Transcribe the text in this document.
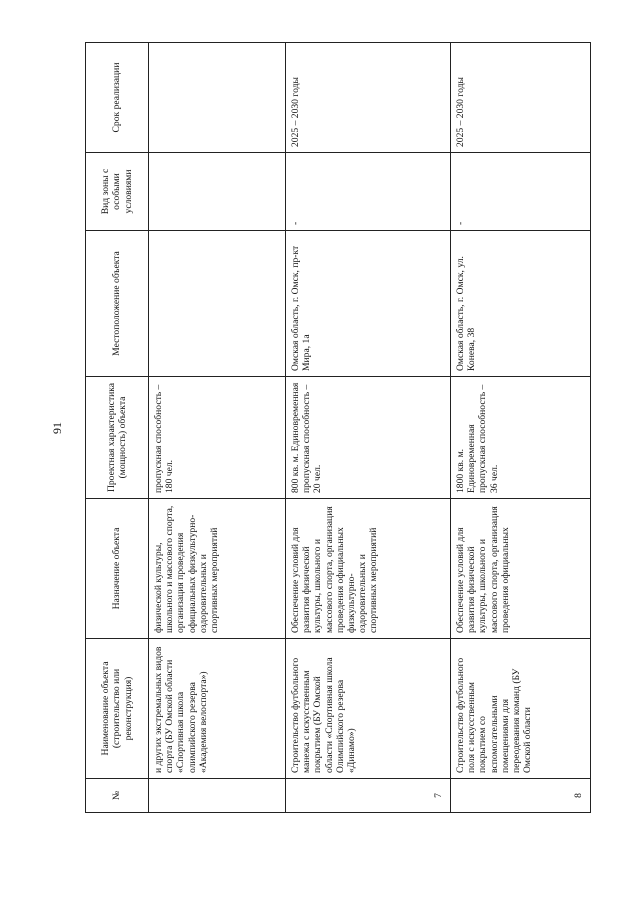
91
№	Наименование объекта (строительство или реконструкция)	Назначение объекта	Проектная характеристика (мощность) объекта	Местоположение объекта	Вид зоны с особыми условиями	Срок реализации
	и других экстремальных видов спорта (БУ Омской области «Спортивная школа олимпийского резерва «Академия велоспорта»)	физической культуры, школьного и массового спорта, организация проведения официальных физкультурно-оздоровительных и спортивных мероприятий	пропускная способность – 180 чел.			
7	Строительство футбольного манежа с искусственным покрытием (БУ Омской области «Спортивная школа Олимпийского резерва «Динамо»)	Обеспечение условий для развития физической культуры, школьного и массового спорта, организация проведения официальных физкультурно-оздоровительных и спортивных мероприятий	800 кв. м. Единовременная пропускная способность – 20 чел.	Омская область, г. Омск, пр-кт Мира, 1а	-	2025 – 2030 годы
8	Строительство футбольного поля с искусственным покрытием со вспомогательными помещениями для переодевания команд (БУ Омской области	Обеспечение условий для развития физической культуры, школьного и массового спорта, организация проведения официальных	1800 кв. м. Единовременная пропускная способность – 36 чел.	Омская область, г. Омск, ул. Конева, 38	-	2025 – 2030 годы
